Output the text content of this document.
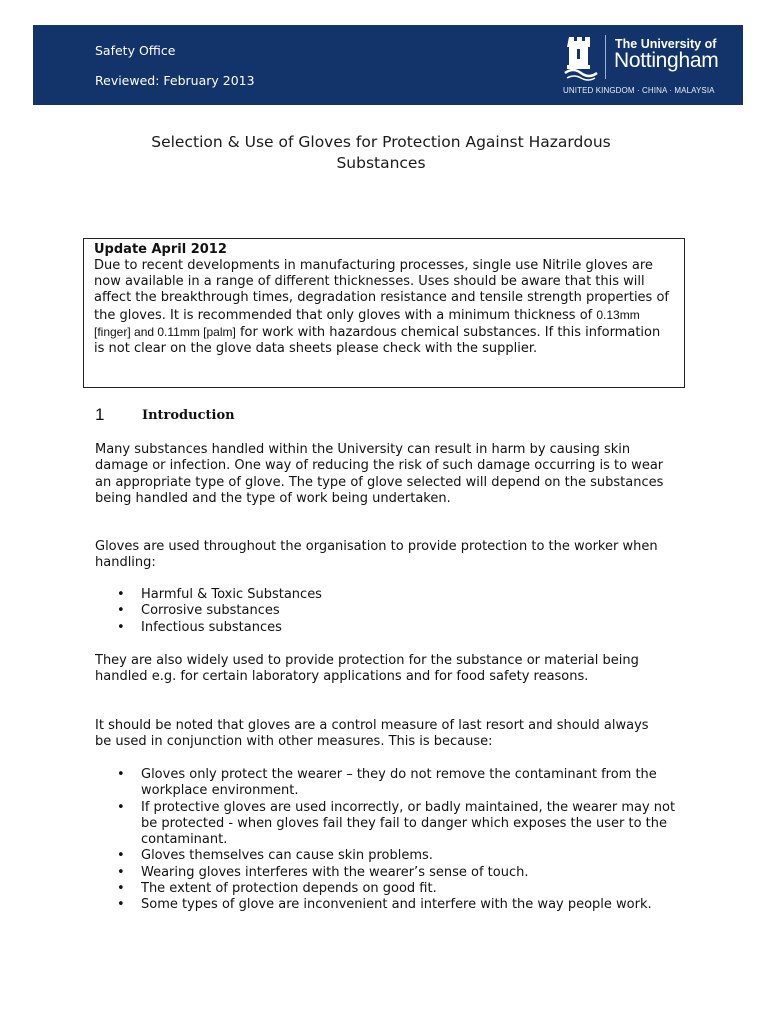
Safety Office
Reviewed: February 2013
The University of
Nottingham
UNITED KINGDOM · CHINA · MALAYSIA
Selection & Use of Gloves for Protection Against Hazardous
Substances
Update April 2012
Due to recent developments in manufacturing processes, single use Nitrile gloves are now available in a range of different thicknesses. Uses should be aware that this will affect the breakthrough times, degradation resistance and tensile strength properties of the gloves. It is recommended that only gloves with a minimum thickness of 0.13mm [finger] and 0.11mm [palm] for work with hazardous chemical substances. If this information is not clear on the glove data sheets please check with the supplier.
1	Introduction
Many substances handled within the University can result in harm by causing skin damage or infection. One way of reducing the risk of such damage occurring is to wear an appropriate type of glove. The type of glove selected will depend on the substances being handled and the type of work being undertaken.
Gloves are used throughout the organisation to provide protection to the worker when handling:
• Harmful & Toxic Substances
• Corrosive substances
• Infectious substances
They are also widely used to provide protection for the substance or material being handled e.g. for certain laboratory applications and for food safety reasons.
It should be noted that gloves are a control measure of last resort and should always be used in conjunction with other measures. This is because:
• Gloves only protect the wearer – they do not remove the contaminant from the workplace environment.
• If protective gloves are used incorrectly, or badly maintained, the wearer may not be protected - when gloves fail they fail to danger which exposes the user to the contaminant.
• Gloves themselves can cause skin problems.
• Wearing gloves interferes with the wearer’s sense of touch.
• The extent of protection depends on good fit.
• Some types of glove are inconvenient and interfere with the way people work.
